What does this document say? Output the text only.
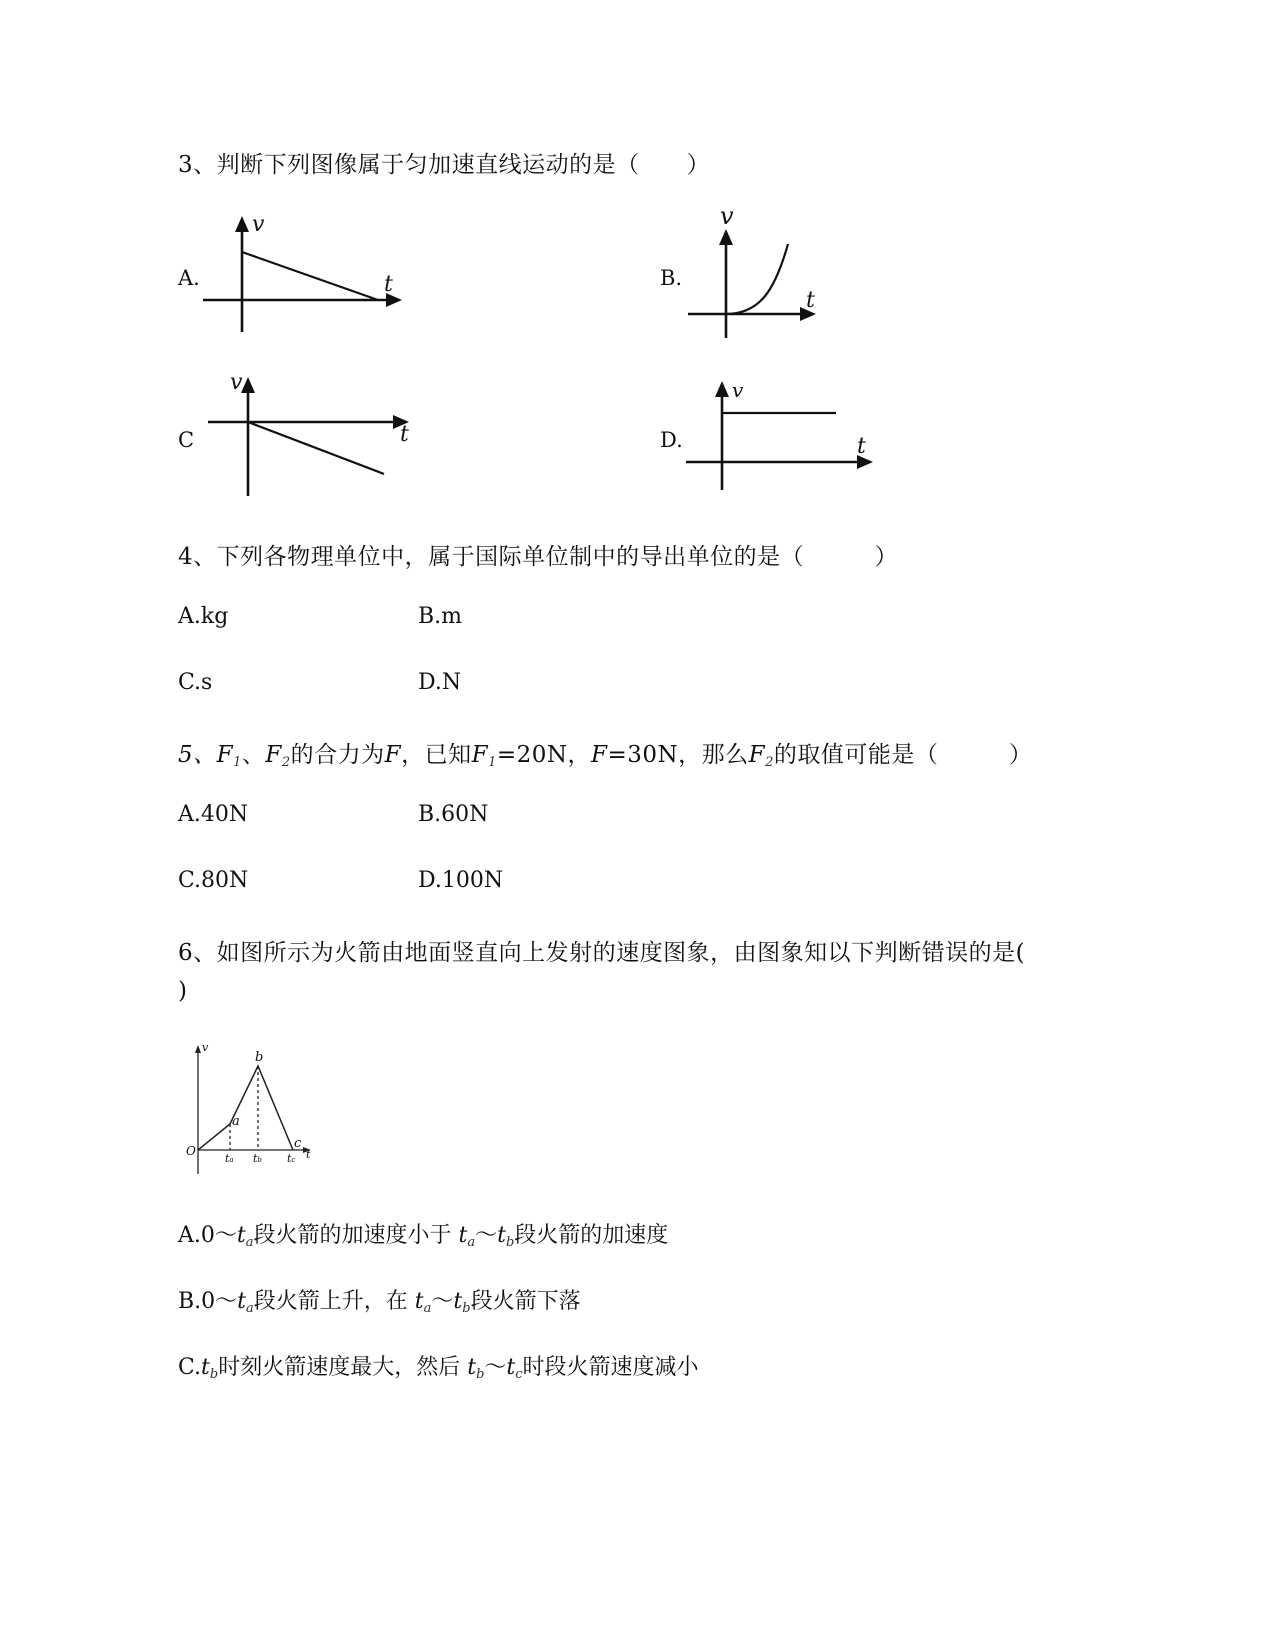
3、判断下列图像属于匀加速直线运动的是（　　）
A.
v
t	B.
v
t
C
v
t	D.
v
t
4、下列各物理单位中，属于国际单位制中的导出单位的是（　　　）
A.kg	B.m
C.s	D.N
5、$F_1$、$F_2$的合力为F，已知$F_1=20N$，F=30N，那么$F_2$的取值可能是（　　　）
A.40N	B.60N
C.80N	D.100N
6、如图所示为火箭由地面竖直向上发射的速度图象，由图象知以下判断错误的是(
)
v
O
a
b
c
t
ta tb tc
$A.0\sim t_a$段火箭的加速度小于 $t_a\sim t_b$段火箭的加速度
$B.0\sim t_a$段火箭上升，在 $t_a\sim t_b$段火箭下落
$C.t_b$时刻火箭速度最大，然后 $t_b\sim t_c$时段火箭速度减小
